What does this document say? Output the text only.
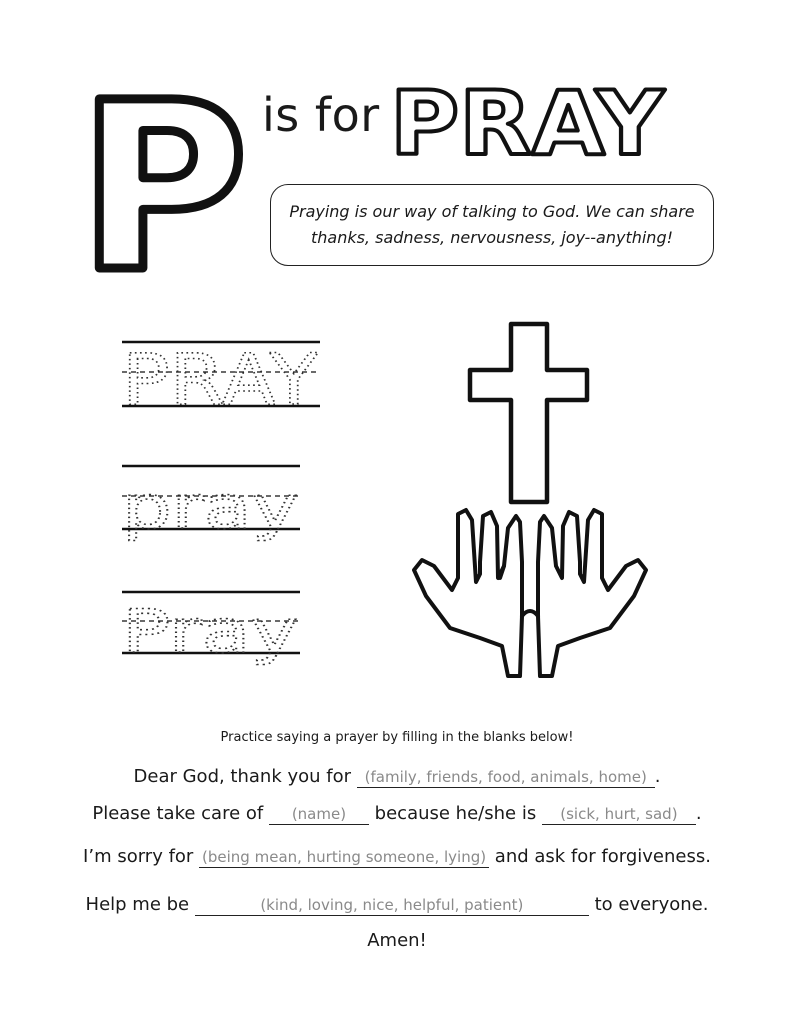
P is for PRAY
Praying is our way of talking to God. We can share thanks, sadness, nervousness, joy--anything!
PRAY
pray
Pray
Practice saying a prayer by filling in the blanks below!
Dear God, thank you for (family, friends, food, animals, home) .
Please take care of (name) because he/she is (sick, hurt, sad) .
I’m sorry for (being mean, hurting someone, lying) and ask for forgiveness.
Help me be	(kind, loving, nice, helpful, patient)	to everyone.
Amen!
